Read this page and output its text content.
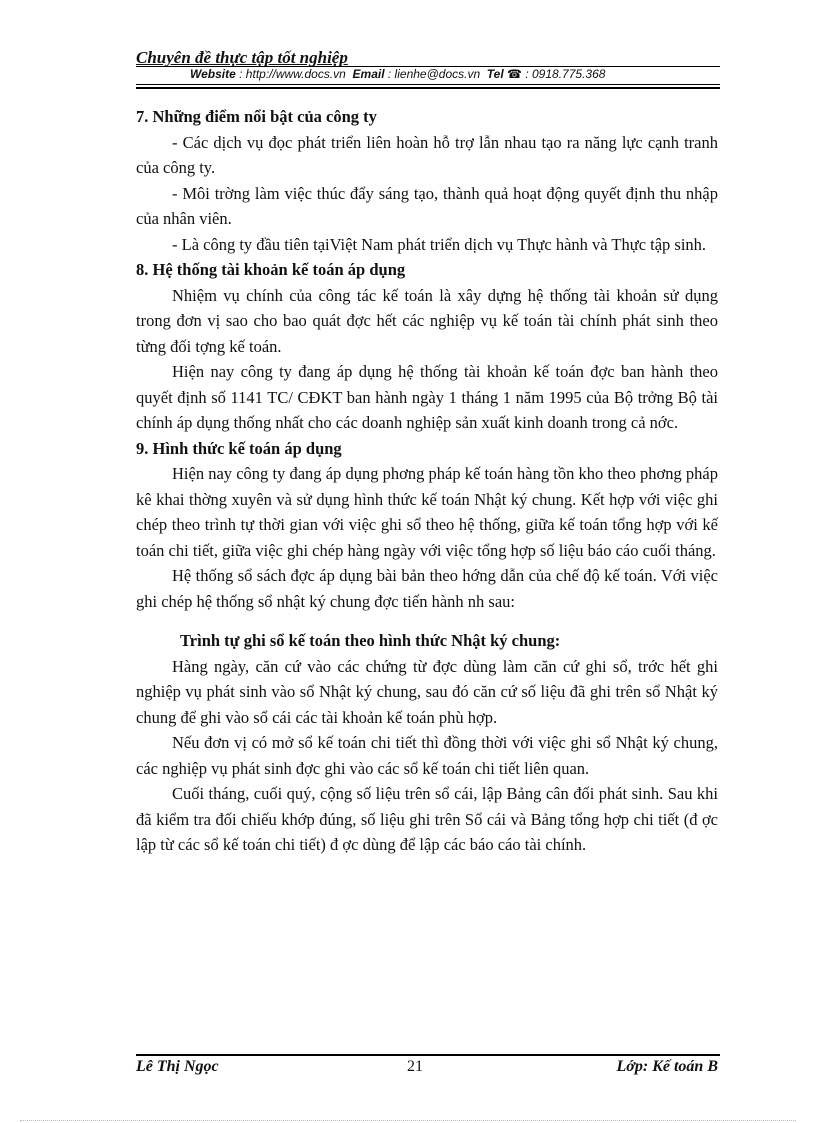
Chuyên đề thực tập tốt nghiệp
Website : http://www.docs.vn Email : lienhe@docs.vn Tel ☎ : 0918.775.368
7. Những điểm nổi bật của công ty

- Các dịch vụ đọc phát triển liên hoàn hỗ trợ lẫn nhau tạo ra năng lực cạnh tranh của công ty.

- Môi trờng làm việc thúc đẩy sáng tạo, thành quả hoạt động quyết định thu nhập của nhân viên.

- Là công ty đầu tiên tạiViệt Nam phát triển dịch vụ Thực hành và Thực tập sinh.

8. Hệ thống tài khoản kế toán áp dụng

Nhiệm vụ chính của công tác kế toán là xây dựng hệ thống tài khoản sử dụng trong đơn vị sao cho bao quát đợc hết các nghiệp vụ kế toán tài chính phát sinh theo từng đối tợng kế toán.

Hiện nay công ty đang áp dụng hệ thống tài khoản kế toán đợc ban hành theo quyết định số 1141 TC/ CĐKT ban hành ngày 1 tháng 1 năm 1995 của Bộ trởng Bộ tài chính áp dụng thống nhất cho các doanh nghiệp sản xuất kinh doanh trong cả nớc.

9. Hình thức kế toán áp dụng

Hiện nay công ty đang áp dụng phơng pháp kế toán hàng tồn kho theo phơng pháp kê khai thờng xuyên và sử dụng hình thức kế toán Nhật ký chung. Kết hợp với việc ghi chép theo trình tự thời gian với việc ghi sổ theo hệ thống, giữa kế toán tổng hợp với kế toán chi tiết, giữa việc ghi chép hàng ngày với việc tổng hợp số liệu báo cáo cuối tháng.

Hệ thống sổ sách đợc áp dụng bài bản theo hớng dẫn của chế độ kế toán. Với việc ghi chép hệ thống sổ nhật ký chung đợc tiến hành nh sau:

Trình tự ghi sổ kế toán theo hình thức Nhật ký chung:

Hàng ngày, căn cứ vào các chứng từ đợc dùng làm căn cứ ghi sổ, trớc hết ghi nghiệp vụ phát sinh vào sổ Nhật ký chung, sau đó căn cứ số liệu đã ghi trên sổ Nhật ký chung để ghi vào sổ cái các tài khoản kế toán phù hợp.

Nếu đơn vị có mở sổ kế toán chi tiết thì đồng thời với việc ghi sổ Nhật ký chung, các nghiệp vụ phát sinh đợc ghi vào các sổ kế toán chi tiết liên quan.

Cuối tháng, cuối quý, cộng số liệu trên sổ cái, lập Bảng cân đối phát sinh. Sau khi đã kiểm tra đối chiếu khớp đúng, số liệu ghi trên Sổ cái và Bảng tổng hợp chi tiết (đ ợc lập từ các sổ kế toán chi tiết) đ ợc dùng để lập các báo cáo tài chính.

Lê Thị Ngọc	21	Lớp: Kế toán B
